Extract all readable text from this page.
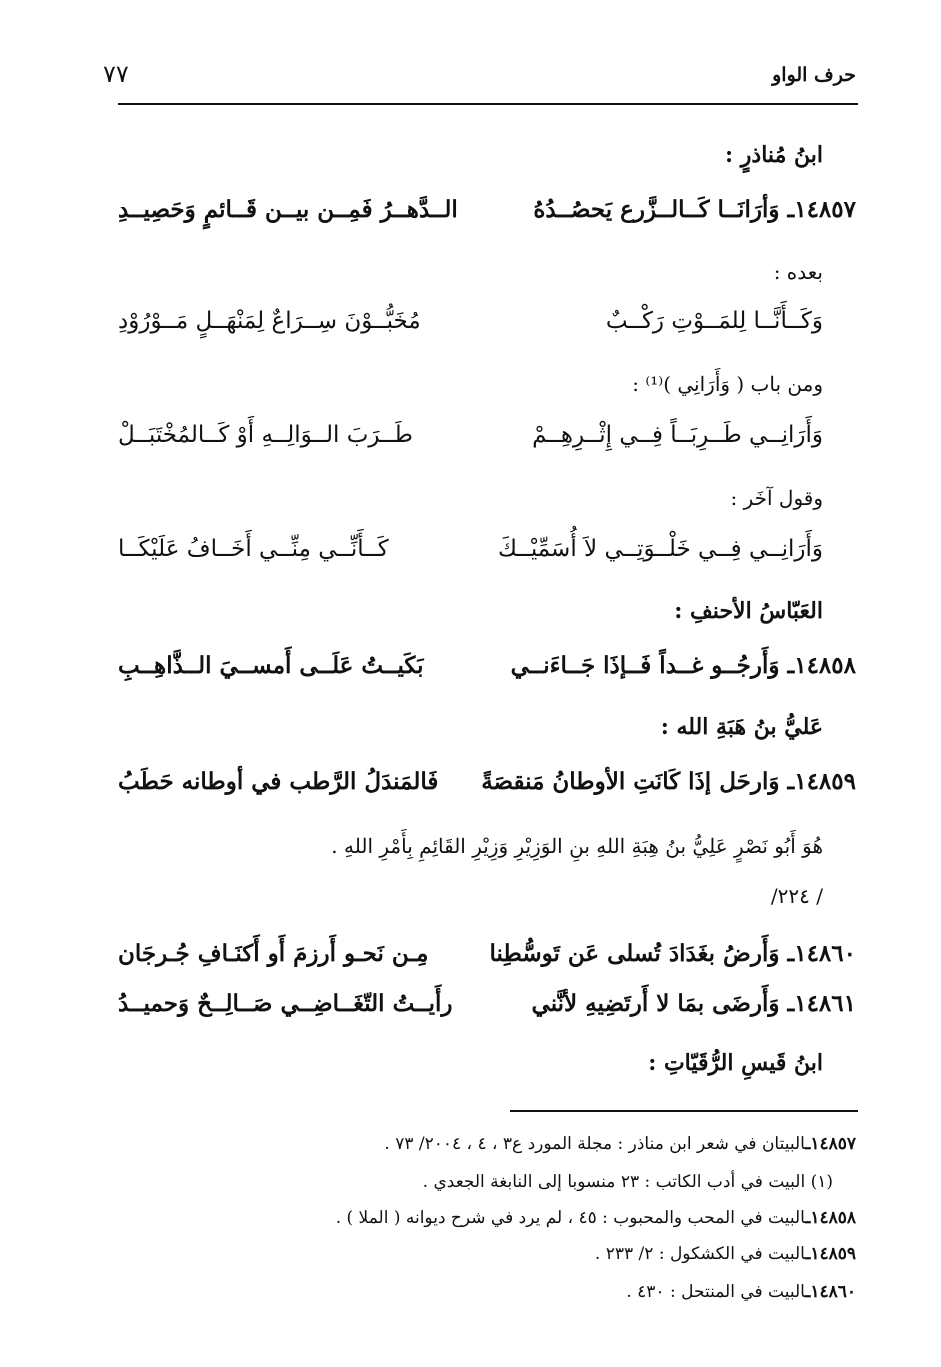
حرف الواو
٧٧
ابنُ مُناذرٍ :
١٤٨٥٧ـ وَأرَانَــا كَــالــزَّرع يَحصُــدُهُ
الــدَّهــرُ فَمِــن بيــن قَــائمٍ وَحَصِيــدِ
بعده :
وَكَــأَنَّــا لِلمَــوْتِ رَكْــبٌ
مُخَبُّــوْنَ سِــرَاعٌ لِمَنْهَــلٍ مَــوْرُوْدِ
ومن باب ( وَأَرَانِي )⁽¹⁾ :
وَأَرَانِــي طَــرِبَــاً فِــي إِثْــرِهِــمْ
طَــرَبَ الــوَالِــهِ أَوْ كَــالمُخْتَبَــلْ
وقول آخَر :
وَأَرَانِــي فِــي خَلْــوَتِــي لاَ أُسَمِّيْــكَ
كَــأَنِّــي مِنِّــي أَخَــافُ عَلَيْكَــا
العَبّاسُ الأحنفِ :
١٤٨٥٨ـ وَأَرجُــو غــداً فَــإذَا جَــاءَنــي
بَكَيــتُ عَلَــى أَمســيَ الــذَّاهِــبِ
عَليُّ بنُ هَبَةِ الله :
١٤٨٥٩ـ وَارحَل إذَا كَانَتِ الأوطانُ مَنقصَةً
فَالمَندَلُ الرَّطب في أوطانه حَطَبُ
هُوَ أَبُو نَصْرٍ عَلِيُّ بنُ هِبَةِ اللهِ بنِ الوَزِيْرِ وَزِيْرِ القَائِمِ بِأَمْرِ اللهِ .
/ ٢٢٤/
١٤٨٦٠ـ وَأَرضُ بغَدَادَ تُسلى عَن تَوسُّطِنا
مِـن نَحـو أَرزمَ أَو أَكنَـافِ جُـرجَان
١٤٨٦١ـ وَأَرضَى بمَا لا أَرتَضِيهِ لأنَّني
رأَيــتُ التّغَــاضِــي صَــالِــحٌ وَحميــدُ
ابنُ قَيسِ الرُّقَيّاتِ :
١٤٨٥٧ـالبيتان في شعر ابن مناذر : مجلة المورد ع٣ ، ٤ ، ٢٠٠٤/ ٧٣ .
(١) البيت في أدب الكاتب : ٢٣ منسوبا إلى النابغة الجعدي .
١٤٨٥٨ـالبيت في المحب والمحبوب : ٤٥ ، لم يرد في شرح ديوانه ( الملا ) .
١٤٨٥٩ـالبيت في الكشكول : ٢/ ٢٣٣ .
١٤٨٦٠ـالبيت في المنتحل : ٤٣٠ .
